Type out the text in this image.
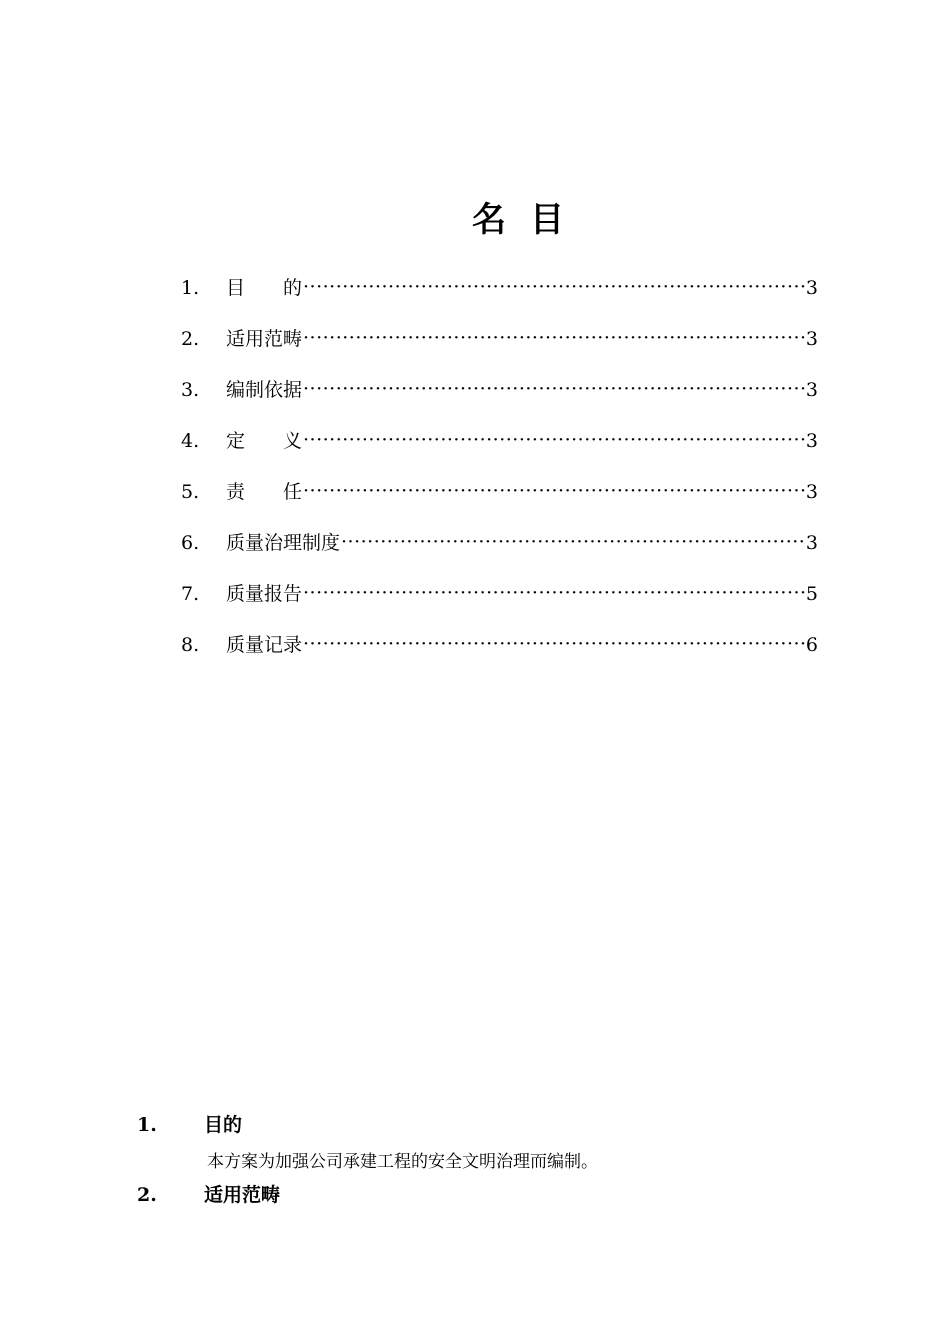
名目
1.	目　　的 ·····	3
2.	适用范畴 ·····	3
3.	编制依据 ·····	3
4.	定　　义 ·····	3
5.	责　　任 ·····	3
6.	质量治理制度 ·····	3
7.	质量报告 ·····	5
8.	质量记录 ·····	6
1.	目的
本方案为加强公司承建工程的安全文明治理而编制。
2.	适用范畴
